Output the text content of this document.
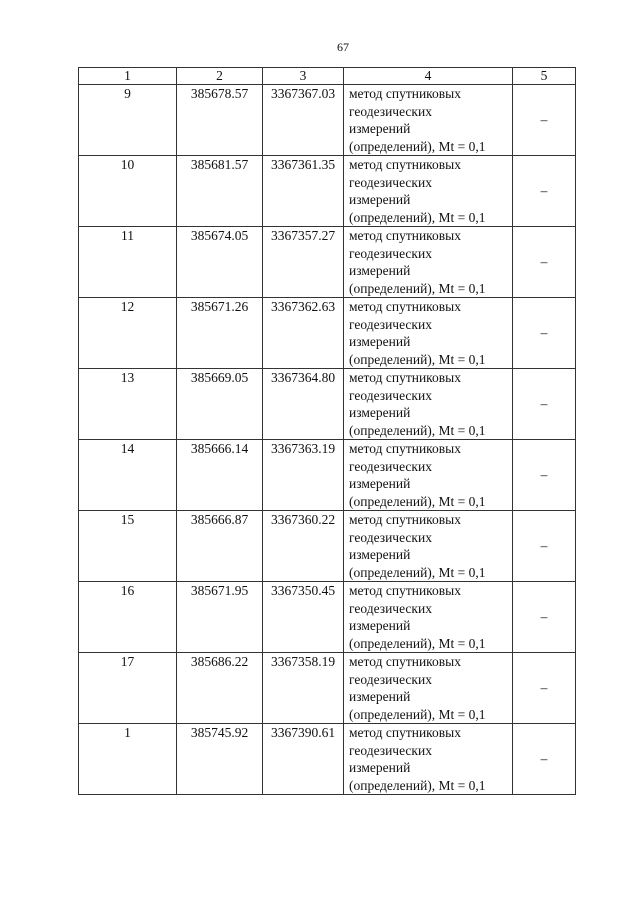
67
1	2	3	4	5
9	385678.57	3367367.03	метод спутниковых
геодезических
измерений
(определений), Mt = 0,1	–
10	385681.57	3367361.35	метод спутниковых
геодезических
измерений
(определений), Mt = 0,1	–
11	385674.05	3367357.27	метод спутниковых
геодезических
измерений
(определений), Mt = 0,1	–
12	385671.26	3367362.63	метод спутниковых
геодезических
измерений
(определений), Mt = 0,1	–
13	385669.05	3367364.80	метод спутниковых
геодезических
измерений
(определений), Mt = 0,1	–
14	385666.14	3367363.19	метод спутниковых
геодезических
измерений
(определений), Mt = 0,1	–
15	385666.87	3367360.22	метод спутниковых
геодезических
измерений
(определений), Mt = 0,1	–
16	385671.95	3367350.45	метод спутниковых
геодезических
измерений
(определений), Mt = 0,1	–
17	385686.22	3367358.19	метод спутниковых
геодезических
измерений
(определений), Mt = 0,1	–
1	385745.92	3367390.61	метод спутниковых
геодезических
измерений
(определений), Mt = 0,1	–
